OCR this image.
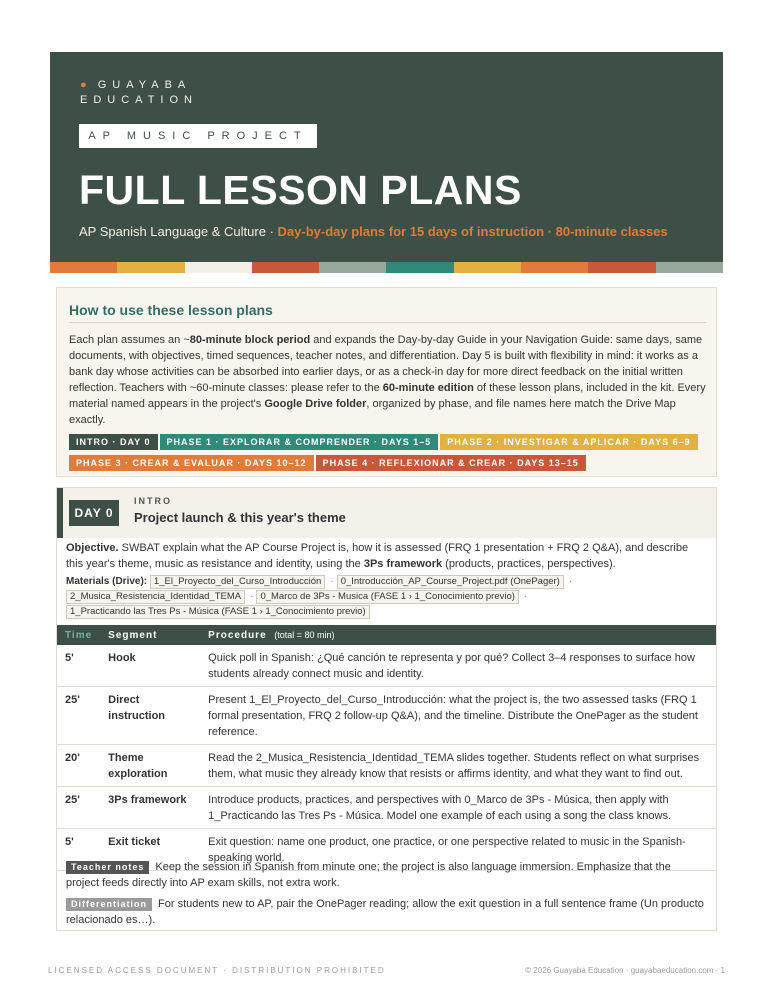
● GUAYABA
EDUCATION
AP MUSIC PROJECT
FULL LESSON PLANS
AP Spanish Language & Culture · Day-by-day plans for 15 days of instruction · 80-minute classes
How to use these lesson plans

Each plan assumes an ~80-minute block period and expands the Day-by-day Guide in your Navigation Guide: same days, same documents, with objectives, timed sequences, teacher notes, and differentiation. Day 5 is built with flexibility in mind: it works as a bank day whose activities can be absorbed into earlier days, or as a check-in day for more direct feedback on the initial written reflection. Teachers with ~60-minute classes: please refer to the 60-minute edition of these lesson plans, included in the kit. Every material named appears in the project's Google Drive folder, organized by phase, and file names here match the Drive Map exactly.

INTRO · DAY 0 PHASE 1 · EXPLORAR & COMPRENDER · DAYS 1–5 PHASE 2 · INVESTIGAR & APLICAR · DAYS 6–9PHASE 3 · CREAR & EVALUAR · DAYS 10–12 PHASE 4 · REFLEXIONAR & CREAR · DAYS 13–15
DAY 0
INTRO
Project launch & this year's theme

Objective. SWBAT explain what the AP Course Project is, how it is assessed (FRQ 1 presentation + FRQ 2 Q&A), and describe this year's theme, music as resistance and identity, using the 3Ps framework (products, practices, perspectives).

Materials (Drive): 1_El_Proyecto_del_Curso_Introducción · 0_Introducción_AP_Course_Project.pdf (OnePager) ·2_Musica_Resistencia_Identidad_TEMA · 0_Marco de 3Ps - Musica (FASE 1 › 1_Conocimiento previo) ·1_Practicando las Tres Ps - Música (FASE 1 › 1_Conocimiento previo)
Time	Segment	Procedure (total = 80 min)
5'	Hook	Quick poll in Spanish: ¿Qué canción te representa y por qué? Collect 3–4 responses to surface how students already connect music and identity.
25'	Direct instruction	Present 1_El_Proyecto_del_Curso_Introducción: what the project is, the two assessed tasks (FRQ 1 formal presentation, FRQ 2 follow-up Q&A), and the timeline. Distribute the OnePager as the student reference.
20'	Theme exploration	Read the 2_Musica_Resistencia_Identidad_TEMA slides together. Students reflect on what surprises them, what music they already know that resists or affirms identity, and what they want to find out.
25'	3Ps framework	Introduce products, practices, and perspectives with 0_Marco de 3Ps - Música, then apply with 1_Practicando las Tres Ps - Música. Model one example of each using a song the class knows.
5'	Exit ticket	Exit question: name one product, one practice, or one perspective related to music in the Spanish-speaking world.
Teacher notes Keep the session in Spanish from minute one; the project is also language immersion. Emphasize that the project feeds directly into AP exam skills, not extra work.
Differentiation For students new to AP, pair the OnePager reading; allow the exit question in a full sentence frame (Un producto relacionado es…).
LICENSED ACCESS DOCUMENT · DISTRIBUTION PROHIBITED	© 2026 Guayaba Education · guayabaeducation.com · 1
